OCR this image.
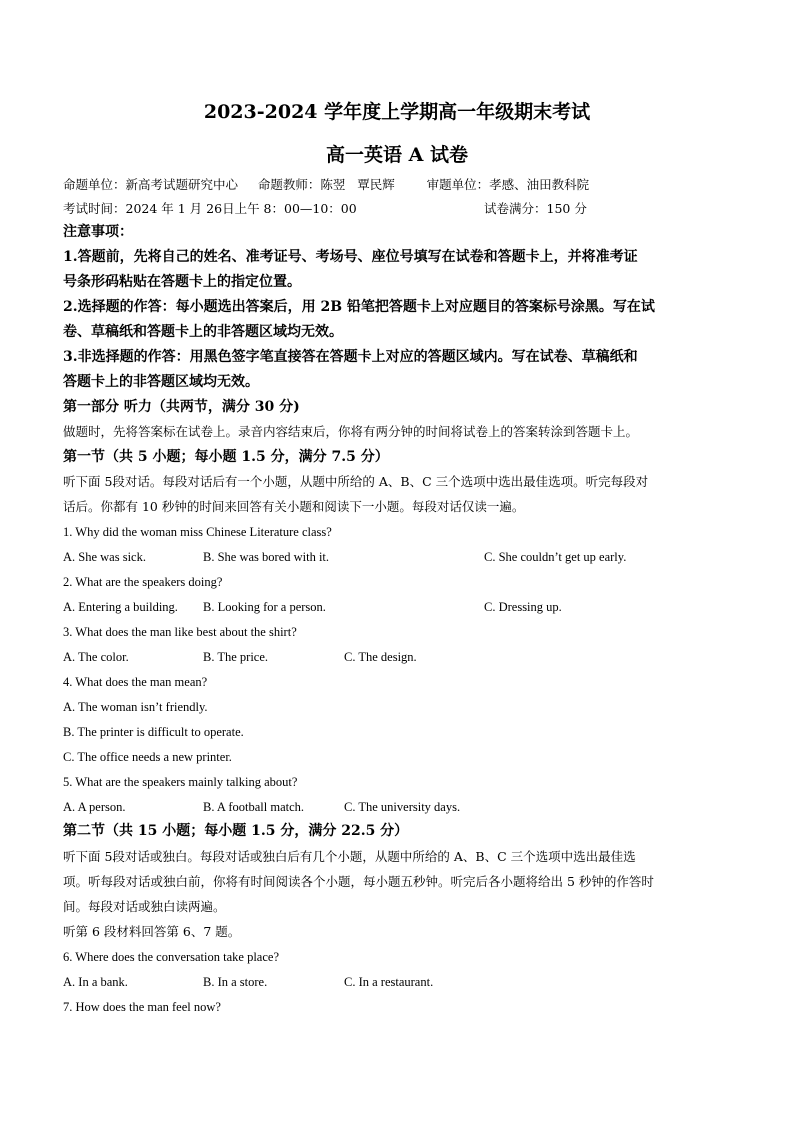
2023-2024 学年度上学期高一年级期末考试
高一英语 A 试卷
命题单位：新高考试题研究中心     命题教师：陈翌   覃民辉        审题单位：孝感、油田教科院
考试时间：2024 年 1 月 26日上午 8：00—10：00	试卷满分：150 分
注意事项：
1.答题前，先将自己的姓名、准考证号、考场号、座位号填写在试卷和答题卡上，并将准考证
号条形码粘贴在答题卡上的指定位置。
2.选择题的作答：每小题选出答案后，用 2B 铅笔把答题卡上对应题目的答案标号涂黑。写在试
卷、草稿纸和答题卡上的非答题区域均无效。
3.非选择题的作答：用黑色签字笔直接答在答题卡上对应的答题区域内。写在试卷、草稿纸和
答题卡上的非答题区域均无效。
第一部分 听力（共两节，满分 30 分)
做题时，先将答案标在试卷上。录音内容结束后，你将有两分钟的时间将试卷上的答案转涂到答题卡上。
第一节（共 5 小题；每小题 1.5 分，满分 7.5 分）
听下面 5段对话。每段对话后有一个小题，从题中所给的 A、B、C 三个选项中选出最佳选项。听完每段对
话后。你都有 10 秒钟的时间来回答有关小题和阅读下一小题。每段对话仅读一遍。
1. Why did the woman miss Chinese Literature class?
A. She was sick.	B. She was bored with it.	C. She couldn’t get up early.
2. What are the speakers doing?
A. Entering a building. B. Looking for a person.	C. Dressing up.
3. What does the man like best about the shirt?
A. The color.	B. The price.	C. The design.
4. What does the man mean?
A. The woman isn’t friendly.
B. The printer is difficult to operate.
C. The office needs a new printer.
5. What are the speakers mainly talking about?
A. A person.	B. A football match.	C. The university days.
第二节（共 15 小题；每小题 1.5 分，满分 22.5 分）
听下面 5段对话或独白。每段对话或独白后有几个小题，从题中所给的 A、B、C 三个选项中选出最佳选
项。听每段对话或独白前，你将有时间阅读各个小题，每小题五秒钟。听完后各小题将给出 5 秒钟的作答时
间。每段对话或独白读两遍。
听第 6 段材料回答第 6、7 题。
6. Where does the conversation take place?
A. In a bank.	B. In a store.	C. In a restaurant.
7. How does the man feel now?
